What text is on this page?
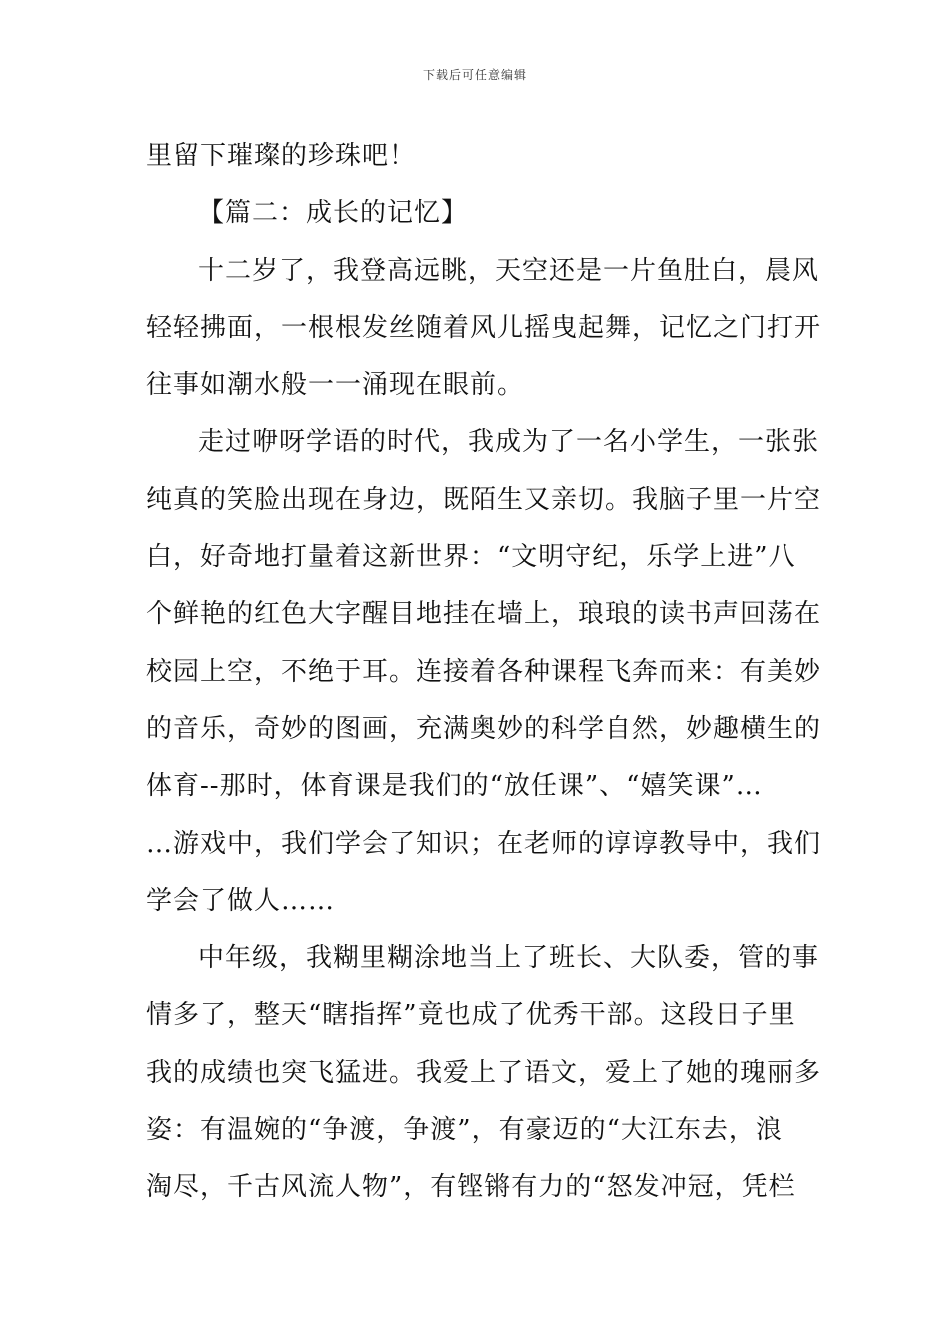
下载后可任意编辑
里留下璀璨的珍珠吧！
【篇二：成长的记忆】
十二岁了，我登高远眺，天空还是一片鱼肚白，晨风
轻轻拂面，一根根发丝随着风儿摇曳起舞，记忆之门打开
往事如潮水般一一涌现在眼前。
走过咿呀学语的时代，我成为了一名小学生，一张张
纯真的笑脸出现在身边，既陌生又亲切。我脑子里一片空
白，好奇地打量着这新世界：“文明守纪，乐学上进”八
个鲜艳的红色大字醒目地挂在墙上，琅琅的读书声回荡在
校园上空，不绝于耳。连接着各种课程飞奔而来：有美妙
的音乐，奇妙的图画，充满奥妙的科学自然，妙趣横生的
体育--那时，体育课是我们的“放任课”、“嬉笑课”…
…游戏中，我们学会了知识；在老师的谆谆教导中，我们
学会了做人……
中年级，我糊里糊涂地当上了班长、大队委，管的事
情多了，整天“瞎指挥”竟也成了优秀干部。这段日子里
我的成绩也突飞猛进。我爱上了语文，爱上了她的瑰丽多
姿：有温婉的“争渡，争渡”，有豪迈的“大江东去，浪
淘尽，千古风流人物”，有铿锵有力的“怒发冲冠，凭栏
